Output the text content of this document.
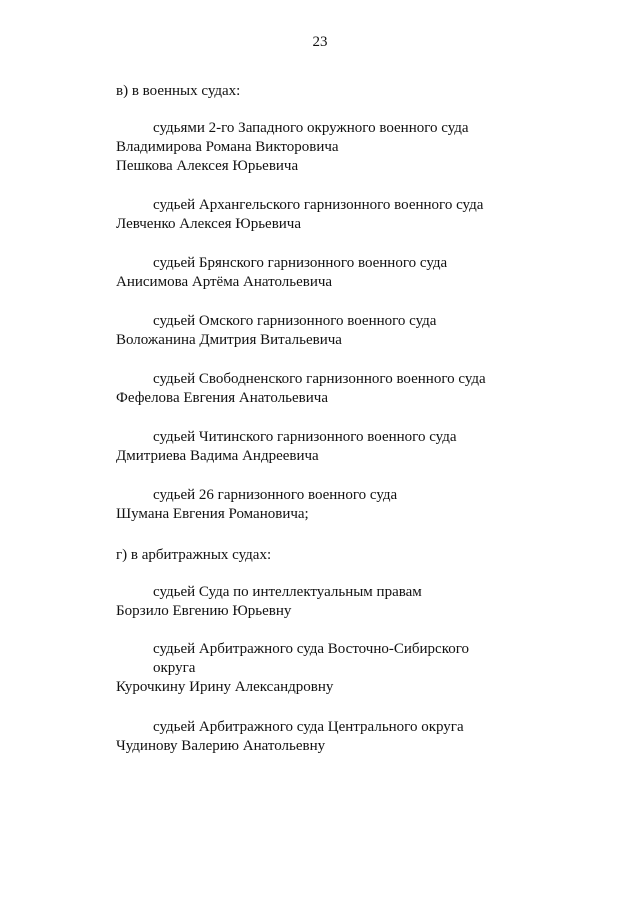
23
в) в военных судах:
судьями 2-го Западного окружного военного суда
Владимирова Романа Викторовича
Пешкова Алексея Юрьевича
судьей Архангельского гарнизонного военного суда
Левченко Алексея Юрьевича
судьей Брянского гарнизонного военного суда
Анисимова Артёма Анатольевича
судьей Омского гарнизонного военного суда
Воложанина Дмитрия Витальевича
судьей Свободненского гарнизонного военного суда
Фефелова Евгения Анатольевича
судьей Читинского гарнизонного военного суда
Дмитриева Вадима Андреевича
судьей 26 гарнизонного военного суда
Шумана Евгения Романовича;
г) в арбитражных судах:
судьей Суда по интеллектуальным правам
Борзило Евгению Юрьевну
судьей Арбитражного суда Восточно-Сибирского
округа
Курочкину Ирину Александровну
судьей Арбитражного суда Центрального округа
Чудинову Валерию Анатольевну
